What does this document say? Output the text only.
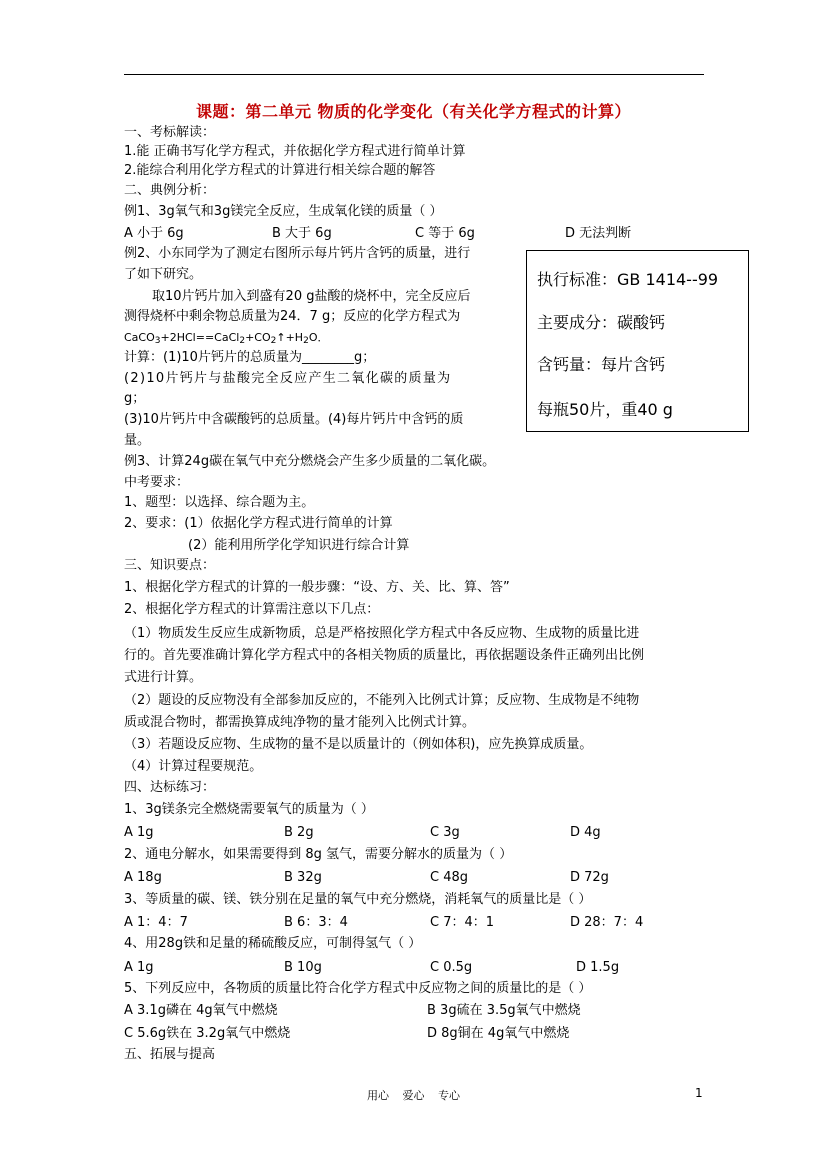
课题：第二单元 物质的化学变化（有关化学方程式的计算）
一、考标解读：
1.能 正确书写化学方程式，并依据化学方程式进行简单计算
2.能综合利用化学方程式的计算进行相关综合题的解答
二、典例分析：
例1、3g氧气和3g镁完全反应，生成氧化镁的质量（ ）
A 小于 6g	B 大于 6g	C 等于 6g	D 无法判断
例2、小东同学为了测定右图所示每片钙片含钙的质量，进行
了如下研究。
取10片钙片加入到盛有20 g盐酸的烧杯中，完全反应后
测得烧杯中剩余物总质量为24．7 g；反应的化学方程式为
$CaCO_3+2HCl==CaCl_2+CO_2↑+H_2O$．
计算：(1)10片钙片的总质量为________g；
(2)10片钙片与盐酸完全反应产生二氧化碳的质量为
g；
(3)10片钙片中含碳酸钙的总质量。(4)每片钙片中含钙的质
量。
例3、计算24g碳在氧气中充分燃烧会产生多少质量的二氧化碳。
执行标准：GB 1414--99
主要成分：碳酸钙
含钙量：每片含钙
每瓶50片，重40 g
中考要求：
1、题型：以选择、综合题为主。
2、要求：(1）依据化学方程式进行简单的计算
(2）能利用所学化学知识进行综合计算
三、知识要点：
1、根据化学方程式的计算的一般步骤：“设、方、关、比、算、答”
2、根据化学方程式的计算需注意以下几点：
（1）物质发生反应生成新物质，总是严格按照化学方程式中各反应物、生成物的质量比进
行的。首先要准确计算化学方程式中的各相关物质的质量比，再依据题设条件正确列出比例
式进行计算。
（2）题设的反应物没有全部参加反应的，不能列入比例式计算；反应物、生成物是不纯物
质或混合物时，都需换算成纯净物的量才能列入比例式计算。
（3）若题设反应物、生成物的量不是以质量计的（例如体积)，应先换算成质量。
（4）计算过程要规范。
四、达标练习：
1、3g镁条完全燃烧需要氧气的质量为（ ）
A 1g	B 2g	C 3g	D 4g
2、通电分解水，如果需要得到 8g 氢气，需要分解水的质量为（ ）
A 18g	B 32g	C 48g	D 72g
3、等质量的碳、镁、铁分别在足量的氧气中充分燃烧，消耗氧气的质量比是（ ）
A 1：4：7	B 6：3：4	C 7：4：1	D 28：7：4
4、用28g铁和足量的稀硫酸反应，可制得氢气（ ）
A 1g	B 10g	C 0.5g	D 1.5g
5、下列反应中，各物质的质量比符合化学方程式中反应物之间的质量比的是（ ）
A 3.1g磷在 4g氧气中燃烧	B 3g硫在 3.5g氧气中燃烧
C 5.6g铁在 3.2g氧气中燃烧	D 8g铜在 4g氧气中燃烧
五、拓展与提高
用心 爱心 专心	1
